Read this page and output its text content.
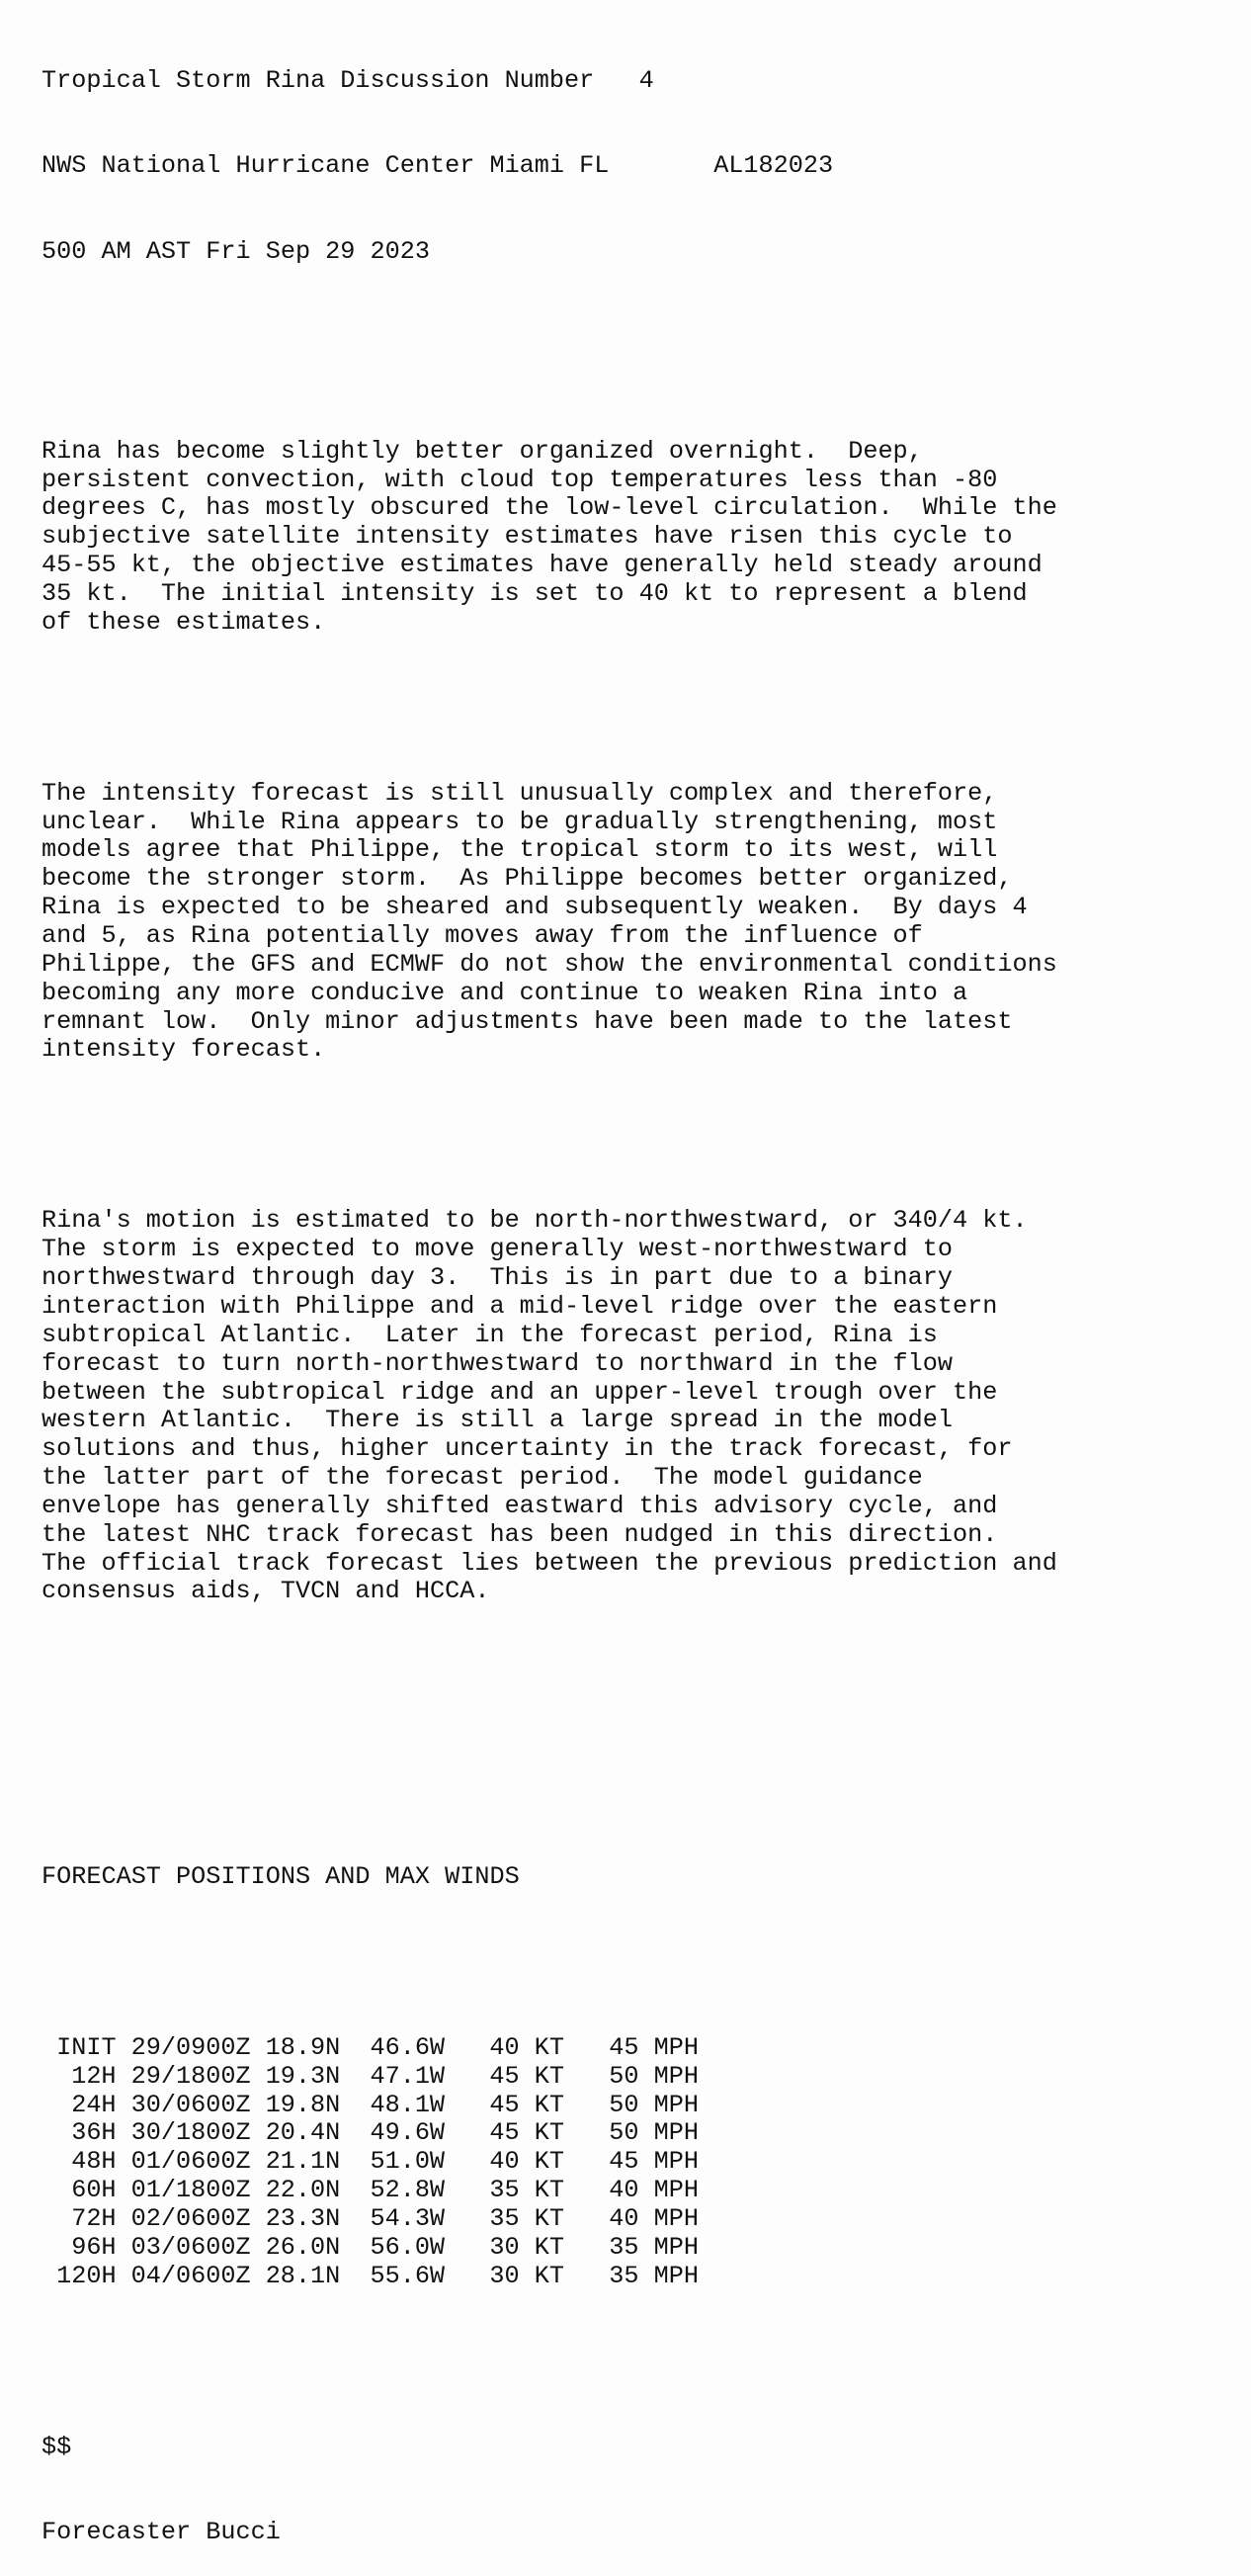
Tropical Storm Rina Discussion Number   4

NWS National Hurricane Center Miami FL	AL182023

500 AM AST Fri Sep 29 2023

Rina has become slightly better organized overnight.  Deep,
persistent convection, with cloud top temperatures less than -80
degrees C, has mostly obscured the low-level circulation.  While the
subjective satellite intensity estimates have risen this cycle to
45-55 kt, the objective estimates have generally held steady around
35 kt.  The initial intensity is set to 40 kt to represent a blend
of these estimates.

The intensity forecast is still unusually complex and therefore,
unclear.  While Rina appears to be gradually strengthening, most
models agree that Philippe, the tropical storm to its west, will
become the stronger storm.  As Philippe becomes better organized,
Rina is expected to be sheared and subsequently weaken.  By days 4
and 5, as Rina potentially moves away from the influence of
Philippe, the GFS and ECMWF do not show the environmental conditions
becoming any more conducive and continue to weaken Rina into a
remnant low.  Only minor adjustments have been made to the latest
intensity forecast.

Rina's motion is estimated to be north-northwestward, or 340/4 kt.
The storm is expected to move generally west-northwestward to
northwestward through day 3.  This is in part due to a binary
interaction with Philippe and a mid-level ridge over the eastern
subtropical Atlantic.  Later in the forecast period, Rina is
forecast to turn north-northwestward to northward in the flow
between the subtropical ridge and an upper-level trough over the
western Atlantic.  There is still a large spread in the model
solutions and thus, higher uncertainty in the track forecast, for
the latter part of the forecast period.  The model guidance
envelope has generally shifted eastward this advisory cycle, and
the latest NHC track forecast has been nudged in this direction.
The official track forecast lies between the previous prediction and
consensus aids, TVCN and HCCA.

FORECAST POSITIONS AND MAX WINDS

INIT 29/0900Z 18.9N 46.6W 40 KT 45 MPH
12H 29/1800Z 19.3N 47.1W 45 KT 50 MPH
24H 30/0600Z 19.8N 48.1W 45 KT 50 MPH
36H 30/1800Z 20.4N 49.6W 45 KT 50 MPH
48H 01/0600Z 21.1N 51.0W 40 KT 45 MPH
60H 01/1800Z 22.0N 52.8W 35 KT 40 MPH
72H 02/0600Z 23.3N 54.3W 35 KT 40 MPH
96H 03/0600Z 26.0N 56.0W 30 KT 35 MPH
120H 04/0600Z 28.1N 55.6W 30 KT 35 MPH

$$

Forecaster Bucci
